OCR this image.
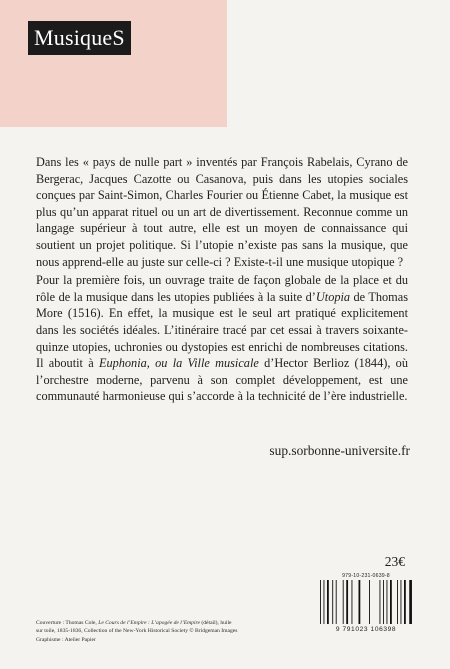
MusiqueS

Dans les « pays de nulle part » inventés par François Rabelais, Cyrano de Bergerac, Jacques Cazotte ou Casanova, puis dans les utopies sociales conçues par Saint-Simon, Charles Fourier ou Étienne Cabet, la musique est plus qu’un apparat rituel ou un art de divertissement. Reconnue comme un langage supérieur à tout autre, elle est un moyen de connaissance qui soutient un projet politique. Si l’utopie n’existe pas sans la musique, que nous apprend-elle au juste sur celle-ci ? Existe-t-il une musique utopique ?

Pour la première fois, un ouvrage traite de façon globale de la place et du rôle de la musique dans les utopies publiées à la suite d’Utopia de Thomas More (1516). En effet, la musique est le seul art pratiqué explicitement dans les sociétés idéales. L’itinéraire tracé par cet essai à travers soixante-quinze utopies, uchronies ou dystopies est enrichi de nombreuses citations. Il aboutit à Euphonia, ou la Ville musicale d’Hector Berlioz (1844), où l’orchestre moderne, parvenu à son complet développement, est une communauté harmonieuse qui s’accorde à la technicité de l’ère industrielle.

sup.sorbonne-universite.fr
23€
979-10-231-0639-8
9 791023 106398
Couverture : Thomas Cole, Le Cours de l’Empire : L’apogée de l’Empire (détail), huile
sur toile, 1835-1836, Collection of the New-York Historical Society © Bridgeman Images
Graphisme : Atelier Papier
